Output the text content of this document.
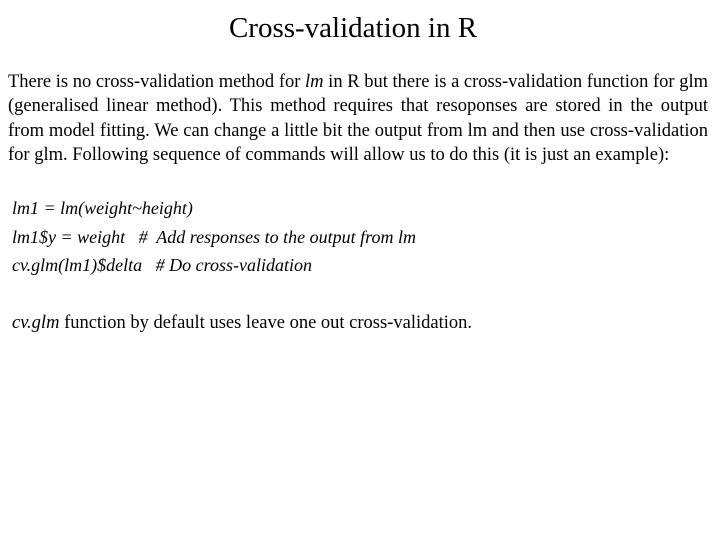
Cross-validation in R

There is no cross-validation method for lm in R but there is a cross-validation function for glm (generalised linear method). This method requires that resoponses are stored in the output from model fitting. We can change a little bit the output from lm and then use cross-validation for glm. Following sequence of commands will allow us to do this (it is just an example):

lm1 = lm(weight~height)

lm1$y = weight   #  Add responses to the output from lm

cv.glm(lm1)$delta   # Do cross-validation

cv.glm function by default uses leave one out cross-validation.
